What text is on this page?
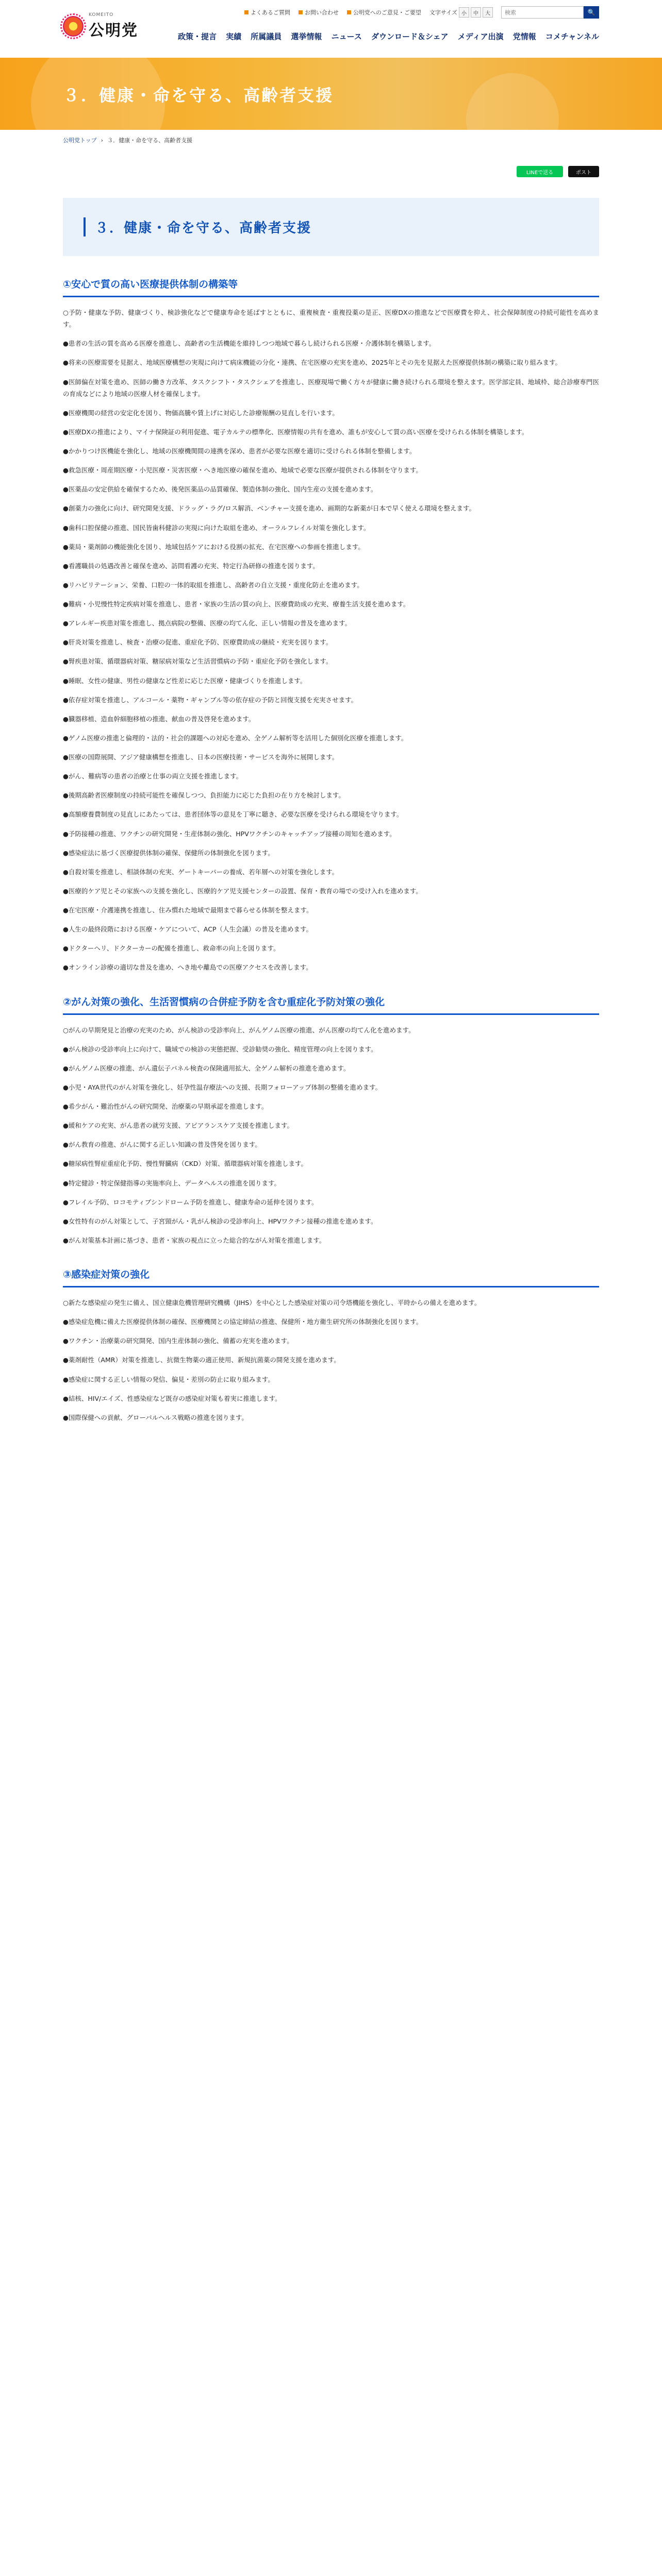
KOMEITO
公明党
よくあるご質問	お問い合わせ	公明党へのご意見・ご要望 文字サイズ 小	中	大
検索	🔍
政策・提言 実績 所属議員 選挙情報 ニュース ダウンロード＆シェア メディア出演 党情報 コメチャンネル
３．健康・命を守る、高齢者支援
公明党トップ › ３．健康・命を守る、高齢者支援
LINEで送る	ポスト
３．健康・命を守る、高齢者支援
①安心で質の高い医療提供体制の構築等

○予防・健康な予防、健康づくり、検診強化などで健康寿命を延ばすとともに、重複検査・重複投薬の是正、医療DXの推進などで医療費を抑え、社会保障制度の持続可能性を高めます。

●患者の生活の質を高める医療を推進し、高齢者の生活機能を維持しつつ地域で暮らし続けられる医療・介護体制を構築します。

●将来の医療需要を見据え、地域医療構想の実現に向けて病床機能の分化・連携、在宅医療の充実を進め、2025年とその先を見据えた医療提供体制の構築に取り組みます。

●医師偏在対策を進め、医師の働き方改革、タスクシフト・タスクシェアを推進し、医療現場で働く方々が健康に働き続けられる環境を整えます。医学部定員、地域枠、総合診療専門医の育成などにより地域の医療人材を確保します。

●医療機関の経営の安定化を図り、物価高騰や賃上げに対応した診療報酬の見直しを行います。

●医療DXの推進により、マイナ保険証の利用促進、電子カルテの標準化、医療情報の共有を進め、誰もが安心して質の高い医療を受けられる体制を構築します。

●かかりつけ医機能を強化し、地域の医療機関間の連携を深め、患者が必要な医療を適切に受けられる体制を整備します。

●救急医療・周産期医療・小児医療・災害医療・へき地医療の確保を進め、地域で必要な医療が提供される体制を守ります。

●医薬品の安定供給を確保するため、後発医薬品の品質確保、製造体制の強化、国内生産の支援を進めます。

●創薬力の強化に向け、研究開発支援、ドラッグ・ラグ/ロス解消、ベンチャー支援を進め、画期的な新薬が日本で早く使える環境を整えます。

●歯科口腔保健の推進、国民皆歯科健診の実現に向けた取組を進め、オーラルフレイル対策を強化します。

●薬局・薬剤師の機能強化を図り、地域包括ケアにおける役割の拡充、在宅医療への参画を推進します。

●看護職員の処遇改善と確保を進め、訪問看護の充実、特定行為研修の推進を図ります。

●リハビリテーション、栄養、口腔の一体的取組を推進し、高齢者の自立支援・重度化防止を進めます。

●難病・小児慢性特定疾病対策を推進し、患者・家族の生活の質の向上、医療費助成の充実、療養生活支援を進めます。

●アレルギー疾患対策を推進し、拠点病院の整備、医療の均てん化、正しい情報の普及を進めます。

●肝炎対策を推進し、検査・治療の促進、重症化予防、医療費助成の継続・充実を図ります。

●腎疾患対策、循環器病対策、糖尿病対策など生活習慣病の予防・重症化予防を強化します。

●睡眠、女性の健康、男性の健康など性差に応じた医療・健康づくりを推進します。

●依存症対策を推進し、アルコール・薬物・ギャンブル等の依存症の予防と回復支援を充実させます。

●臓器移植、造血幹細胞移植の推進、献血の普及啓発を進めます。

●ゲノム医療の推進と倫理的・法的・社会的課題への対応を進め、全ゲノム解析等を活用した個別化医療を推進します。

●医療の国際展開、アジア健康構想を推進し、日本の医療技術・サービスを海外に展開します。

●がん、難病等の患者の治療と仕事の両立支援を推進します。

●後期高齢者医療制度の持続可能性を確保しつつ、負担能力に応じた負担の在り方を検討します。

●高額療養費制度の見直しにあたっては、患者団体等の意見を丁寧に聴き、必要な医療を受けられる環境を守ります。

●予防接種の推進、ワクチンの研究開発・生産体制の強化、HPVワクチンのキャッチアップ接種の周知を進めます。

●感染症法に基づく医療提供体制の確保、保健所の体制強化を図ります。

●自殺対策を推進し、相談体制の充実、ゲートキーパーの養成、若年層への対策を強化します。

●医療的ケア児とその家族への支援を強化し、医療的ケア児支援センターの設置、保育・教育の場での受け入れを進めます。

●在宅医療・介護連携を推進し、住み慣れた地域で最期まで暮らせる体制を整えます。

●人生の最終段階における医療・ケアについて、ACP（人生会議）の普及を進めます。

●ドクターヘリ、ドクターカーの配備を推進し、救命率の向上を図ります。

●オンライン診療の適切な普及を進め、へき地や離島での医療アクセスを改善します。

②がん対策の強化、生活習慣病の合併症予防を含む重症化予防対策の強化

○がんの早期発見と治療の充実のため、がん検診の受診率向上、がんゲノム医療の推進、がん医療の均てん化を進めます。

●がん検診の受診率向上に向けて、職域での検診の実態把握、受診勧奨の強化、精度管理の向上を図ります。

●がんゲノム医療の推進、がん遺伝子パネル検査の保険適用拡大、全ゲノム解析の推進を進めます。

●小児・AYA世代のがん対策を強化し、妊孕性温存療法への支援、長期フォローアップ体制の整備を進めます。

●希少がん・難治性がんの研究開発、治療薬の早期承認を推進します。

●緩和ケアの充実、がん患者の就労支援、アピアランスケア支援を推進します。

●がん教育の推進、がんに関する正しい知識の普及啓発を図ります。

●糖尿病性腎症重症化予防、慢性腎臓病（CKD）対策、循環器病対策を推進します。

●特定健診・特定保健指導の実施率向上、データヘルスの推進を図ります。

●フレイル予防、ロコモティブシンドローム予防を推進し、健康寿命の延伸を図ります。

●女性特有のがん対策として、子宮頸がん・乳がん検診の受診率向上、HPVワクチン接種の推進を進めます。

●がん対策基本計画に基づき、患者・家族の視点に立った総合的ながん対策を推進します。

③感染症対策の強化

○新たな感染症の発生に備え、国立健康危機管理研究機構（JIHS）を中心とした感染症対策の司令塔機能を強化し、平時からの備えを進めます。

●感染症危機に備えた医療提供体制の確保、医療機関との協定締結の推進、保健所・地方衛生研究所の体制強化を図ります。

●ワクチン・治療薬の研究開発、国内生産体制の強化、備蓄の充実を進めます。

●薬剤耐性（AMR）対策を推進し、抗微生物薬の適正使用、新規抗菌薬の開発支援を進めます。

●感染症に関する正しい情報の発信、偏見・差別の防止に取り組みます。

●結核、HIV/エイズ、性感染症など既存の感染症対策も着実に推進します。

●国際保健への貢献、グローバルヘルス戦略の推進を図ります。
